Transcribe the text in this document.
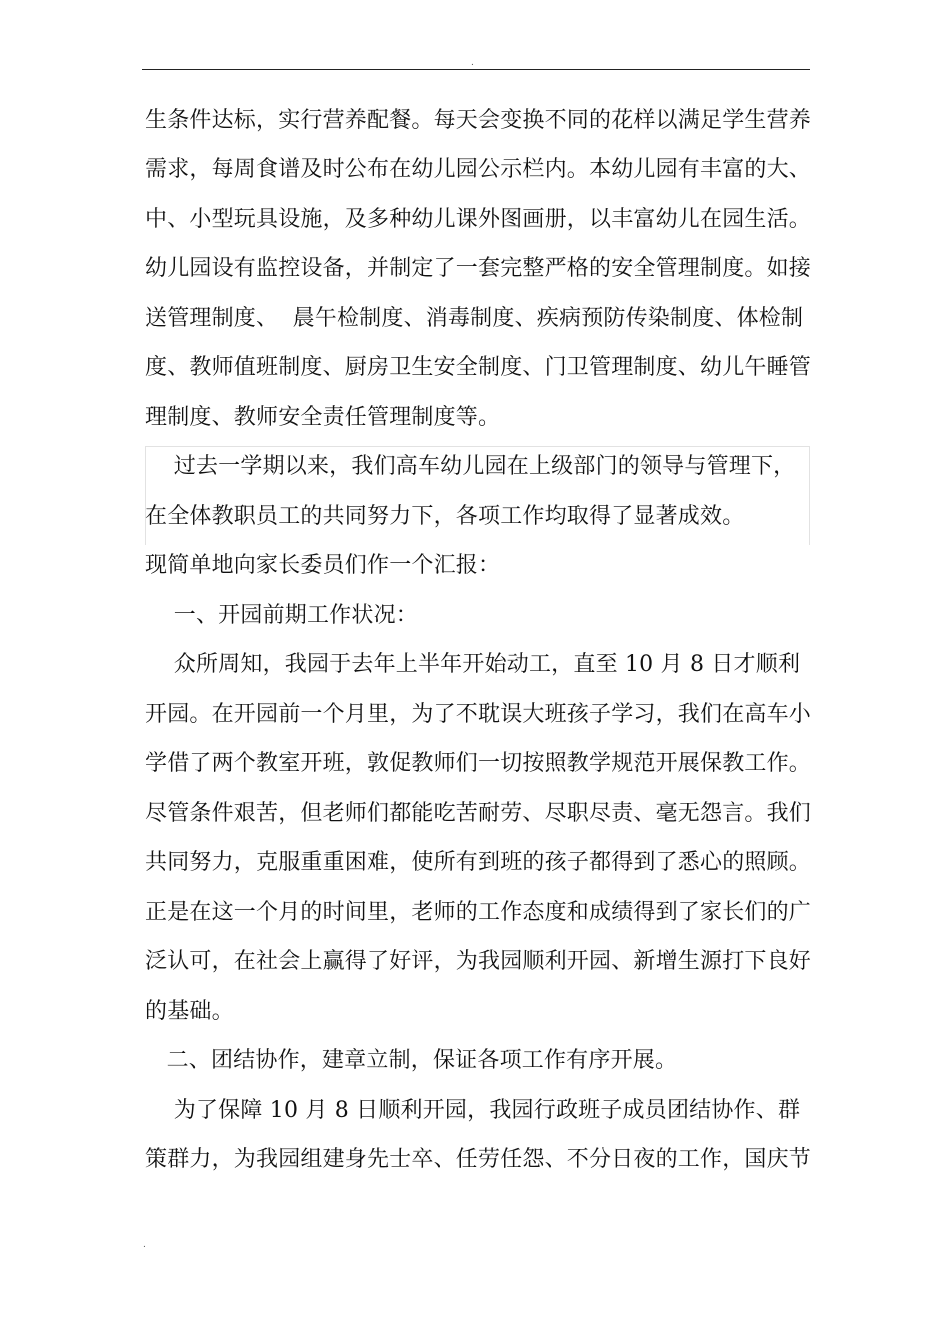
.
生条件达标，实行营养配餐。每天会变换不同的花样以满足学生营养
需求，每周食谱及时公布在幼儿园公示栏内。本幼儿园有丰富的大、
中、小型玩具设施，及多种幼儿课外图画册，以丰富幼儿在园生活。
幼儿园设有监控设备，并制定了一套完整严格的安全管理制度。如接
送管理制度、  晨午检制度、消毒制度、疾病预防传染制度、体检制
度、教师值班制度、厨房卫生安全制度、门卫管理制度、幼儿午睡管
理制度、教师安全责任管理制度等。
过去一学期以来，我们高车幼儿园在上级部门的领导与管理下，
在全体教职员工的共同努力下，各项工作均取得了显著成效。
现简单地向家长委员们作一个汇报：
一、开园前期工作状况：
众所周知，我园于去年上半年开始动工，直至 10 月 8 日才顺利
开园。在开园前一个月里，为了不耽误大班孩子学习，我们在高车小
学借了两个教室开班，敦促教师们一切按照教学规范开展保教工作。
尽管条件艰苦，但老师们都能吃苦耐劳、尽职尽责、毫无怨言。我们
共同努力，克服重重困难，使所有到班的孩子都得到了悉心的照顾。
正是在这一个月的时间里，老师的工作态度和成绩得到了家长们的广
泛认可，在社会上赢得了好评，为我园顺利开园、新增生源打下良好
的基础。
二、团结协作，建章立制，保证各项工作有序开展。
为了保障 10 月 8 日顺利开园，我园行政班子成员团结协作、群
策群力，为我园组建身先士卒、任劳任怨、不分日夜的工作，国庆节
.
